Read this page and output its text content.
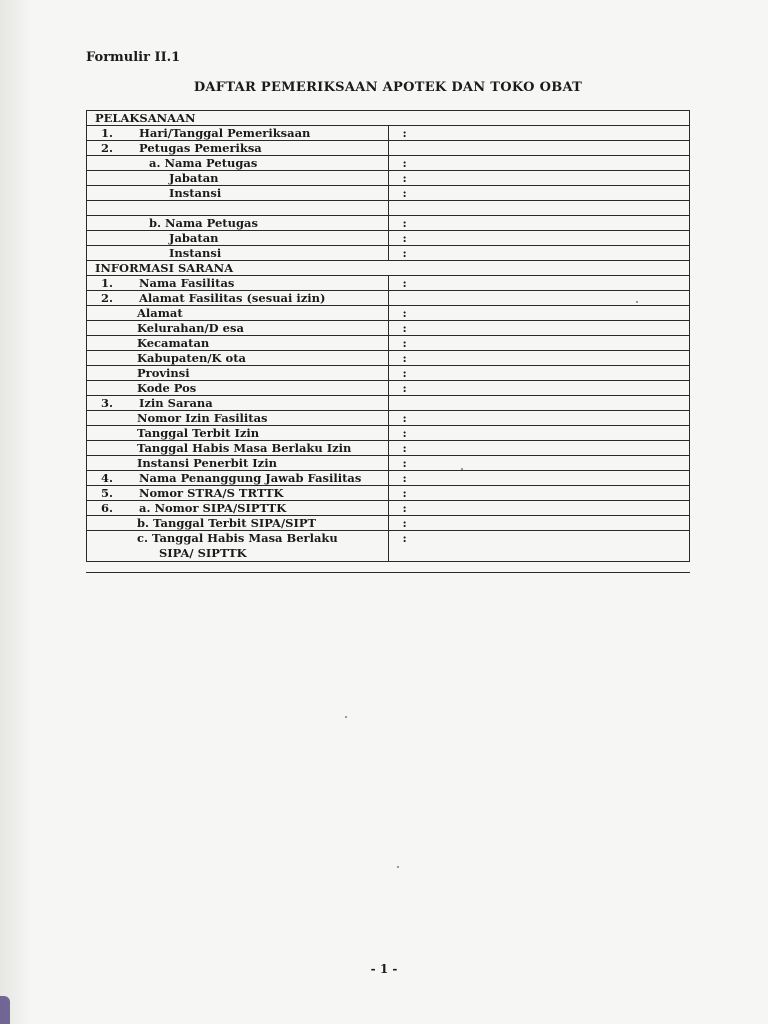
Formulir II.1
DAFTAR PEMERIKSAAN APOTEK DAN TOKO OBAT
PELAKSANAAN	
1. Hari/Tanggal Pemeriksaan	:
2. Petugas Pemeriksa	
a. Nama Petugas	:
Jabatan	:
Instansi	:

b. Nama Petugas	:
Jabatan	:
Instansi	:
INFORMASI SARANA	
1. Nama Fasilitas	:
2. Alamat Fasilitas (sesuai izin)	
Alamat	:
Kelurahan/D esa	:
Kecamatan	:
Kabupaten/K ota	:
Provinsi	:
Kode Pos	:
3. Izin Sarana	
Nomor Izin Fasilitas	:
Tanggal Terbit Izin	:
Tanggal Habis Masa Berlaku Izin	:
Instansi Penerbit Izin	:
4. Nama Penanggung Jawab Fasilitas	:
5. Nomor STRA/S TRTTK	:
6. a. Nomor SIPA/SIPTTK	:
b. Tanggal Terbit SIPA/SIPT	:
c. Tanggal Habis Masa Berlaku
SIPA/ SIPTTK	:
- 1 -
